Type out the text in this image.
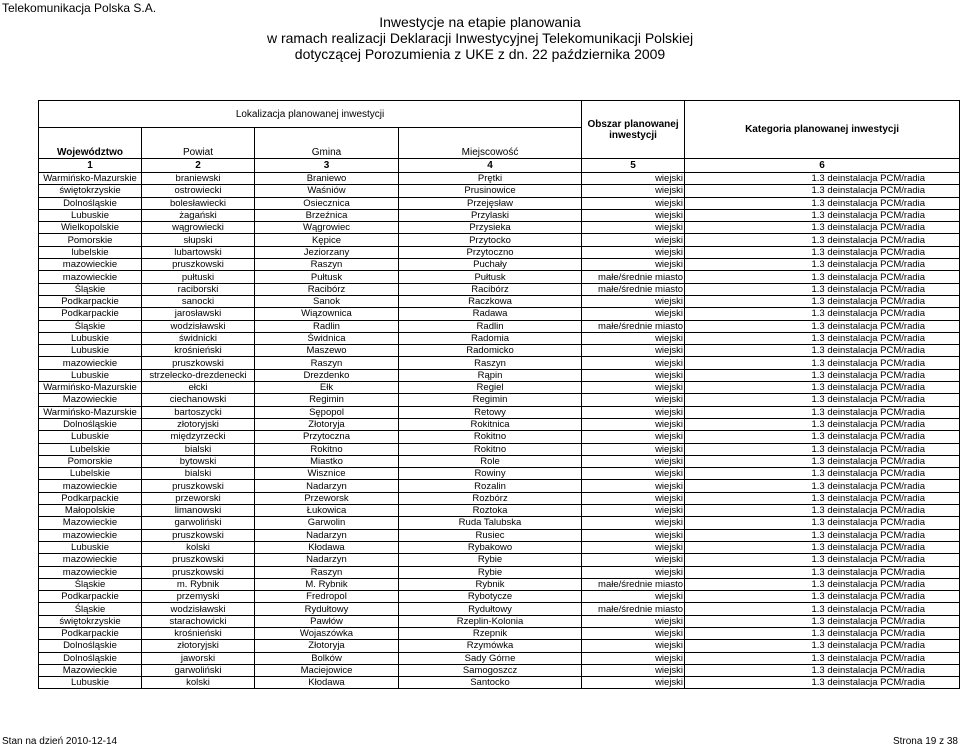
Telekomunikacja Polska S.A.
Inwestycje na etapie planowania
w ramach realizacji Deklaracji Inwestycyjnej Telekomunikacji Polskiej
dotyczącej Porozumienia z UKE z dn. 22 października 2009
Lokalizacja planowanej inwestycji				Obszar planowanej inwestycji	Kategoria planowanej inwestycji
Województwo	Powiat	Gmina	Miejscowość		
1	2	3	4	5	6
Warmińsko-Mazurskie	braniewski	Braniewo	Prętki	wiejski	1.3 deinstalacja PCM/radia
świętokrzyskie	ostrowiecki	Waśniów	Prusinowice	wiejski	1.3 deinstalacja PCM/radia
Dolnośląskie	bolesławiecki	Osiecznica	Przejęsław	wiejski	1.3 deinstalacja PCM/radia
Lubuskie	żagański	Brzeźnica	Przylaski	wiejski	1.3 deinstalacja PCM/radia
Wielkopolskie	wągrowiecki	Wągrowiec	Przysieka	wiejski	1.3 deinstalacja PCM/radia
Pomorskie	słupski	Kępice	Przytocko	wiejski	1.3 deinstalacja PCM/radia
lubelskie	lubartowski	Jeziorzany	Przytoczno	wiejski	1.3 deinstalacja PCM/radia
mazowieckie	pruszkowski	Raszyn	Puchały	wiejski	1.3 deinstalacja PCM/radia
mazowieckie	pułtuski	Pułtusk	Pułtusk	małe/średnie miasto	1.3 deinstalacja PCM/radia
Śląskie	raciborski	Racibórz	Racibórz	małe/średnie miasto	1.3 deinstalacja PCM/radia
Podkarpackie	sanocki	Sanok	Raczkowa	wiejski	1.3 deinstalacja PCM/radia
Podkarpackie	jarosławski	Wiązownica	Radawa	wiejski	1.3 deinstalacja PCM/radia
Śląskie	wodzisławski	Radlin	Radlin	małe/średnie miasto	1.3 deinstalacja PCM/radia
Lubuskie	świdnicki	Świdnica	Radomia	wiejski	1.3 deinstalacja PCM/radia
Lubuskie	krośnieński	Maszewo	Radomicko	wiejski	1.3 deinstalacja PCM/radia
mazowieckie	pruszkowski	Raszyn	Raszyn	wiejski	1.3 deinstalacja PCM/radia
Lubuskie	strzelecko-drezdenecki	Drezdenko	Rąpin	wiejski	1.3 deinstalacja PCM/radia
Warmińsko-Mazurskie	ełcki	Ełk	Regiel	wiejski	1.3 deinstalacja PCM/radia
Mazowieckie	ciechanowski	Regimin	Regimin	wiejski	1.3 deinstalacja PCM/radia
Warmińsko-Mazurskie	bartoszycki	Sępopol	Retowy	wiejski	1.3 deinstalacja PCM/radia
Dolnośląskie	złotoryjski	Złotoryja	Rokitnica	wiejski	1.3 deinstalacja PCM/radia
Lubuskie	międzyrzecki	Przytoczna	Rokitno	wiejski	1.3 deinstalacja PCM/radia
Lubelskie	bialski	Rokitno	Rokitno	wiejski	1.3 deinstalacja PCM/radia
Pomorskie	bytowski	Miastko	Role	wiejski	1.3 deinstalacja PCM/radia
Lubelskie	bialski	Wisznice	Rowiny	wiejski	1.3 deinstalacja PCM/radia
mazowieckie	pruszkowski	Nadarzyn	Rozalin	wiejski	1.3 deinstalacja PCM/radia
Podkarpackie	przeworski	Przeworsk	Rozbórz	wiejski	1.3 deinstalacja PCM/radia
Małopolskie	limanowski	Łukowica	Roztoka	wiejski	1.3 deinstalacja PCM/radia
Mazowieckie	garwoliński	Garwolin	Ruda Talubska	wiejski	1.3 deinstalacja PCM/radia
mazowieckie	pruszkowski	Nadarzyn	Rusiec	wiejski	1.3 deinstalacja PCM/radia
Lubuskie	kolski	Kłodawa	Rybakowo	wiejski	1.3 deinstalacja PCM/radia
mazowieckie	pruszkowski	Nadarzyn	Rybie	wiejski	1.3 deinstalacja PCM/radia
mazowieckie	pruszkowski	Raszyn	Rybie	wiejski	1.3 deinstalacja PCM/radia
Śląskie	m. Rybnik	M. Rybnik	Rybnik	małe/średnie miasto	1.3 deinstalacja PCM/radia
Podkarpackie	przemyski	Fredropol	Rybotycze	wiejski	1.3 deinstalacja PCM/radia
Śląskie	wodzisławski	Rydułtowy	Rydułtowy	małe/średnie miasto	1.3 deinstalacja PCM/radia
świętokrzyskie	starachowicki	Pawłów	Rzeplin-Kolonia	wiejski	1.3 deinstalacja PCM/radia
Podkarpackie	krośnieński	Wojaszówka	Rzepnik	wiejski	1.3 deinstalacja PCM/radia
Dolnośląskie	złotoryjski	Złotoryja	Rzymówka	wiejski	1.3 deinstalacja PCM/radia
Dolnośląskie	jaworski	Bolków	Sady Górne	wiejski	1.3 deinstalacja PCM/radia
Mazowieckie	garwoliński	Maciejowice	Samogoszcz	wiejski	1.3 deinstalacja PCM/radia
Lubuskie	kolski	Kłodawa	Santocko	wiejski	1.3 deinstalacja PCM/radia
Stan na dzień 2010-12-14	Strona 19 z 38
